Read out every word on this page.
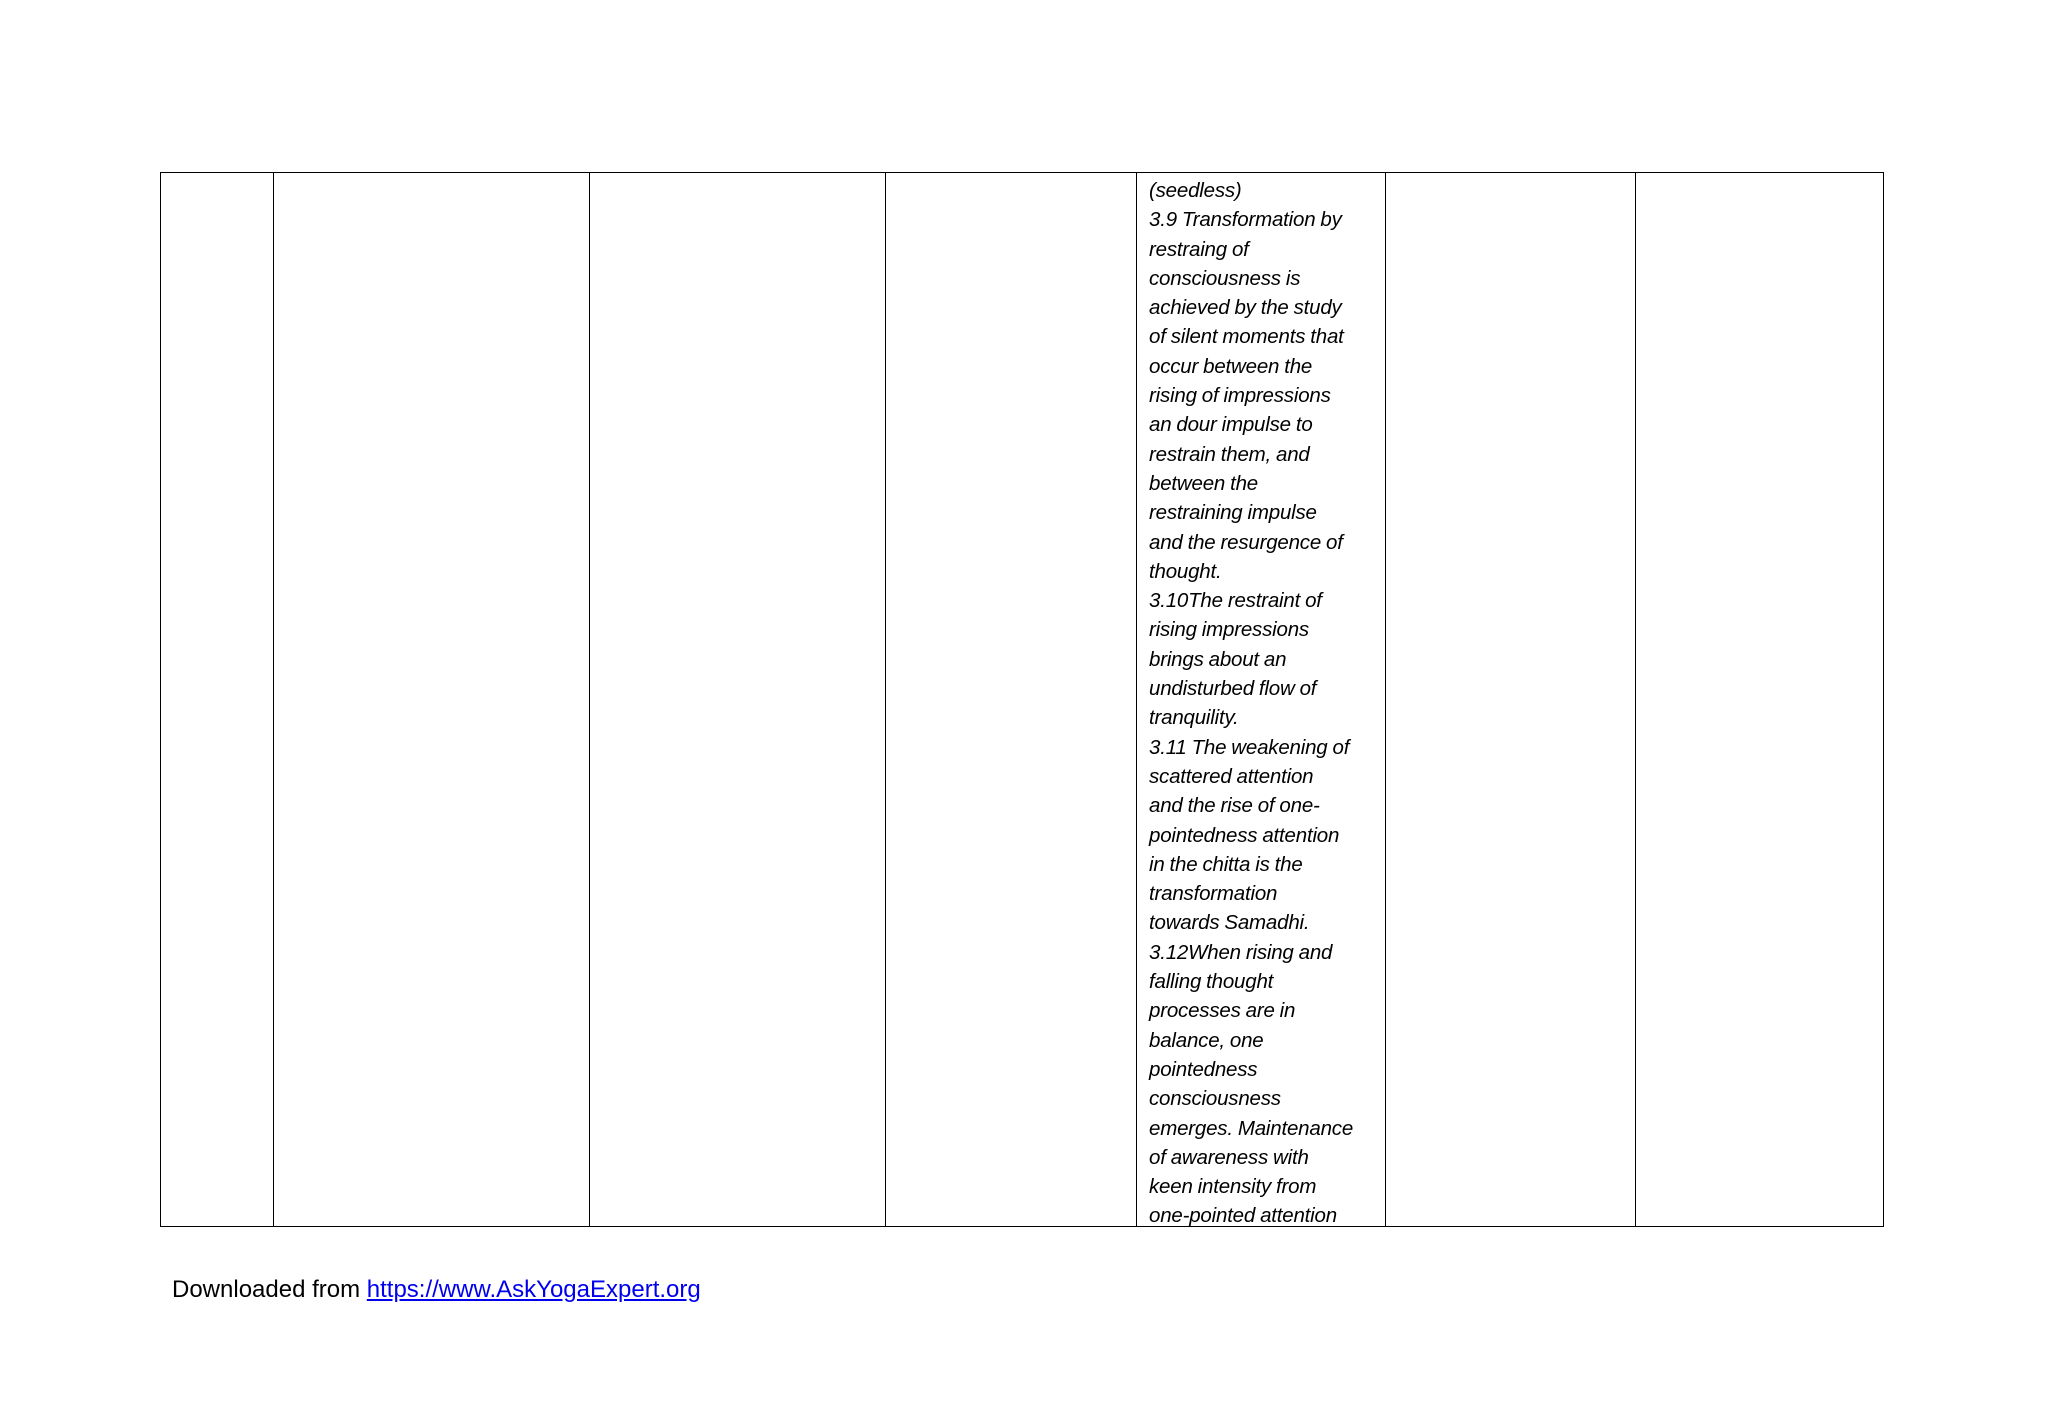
(seedless)
3.9 Transformation by
restraing of
consciousness is
achieved by the study
of silent moments that
occur between the
rising of impressions
an dour impulse to
restrain them, and
between the
restraining impulse
and the resurgence of
thought.
3.10The restraint of
rising impressions
brings about an
undisturbed flow of
tranquility.
3.11 The weakening of
scattered attention
and the rise of one-
pointedness attention
in the chitta is the
transformation
towards Samadhi.
3.12When rising and
falling thought
processes are in
balance, one
pointedness
consciousness
emerges. Maintenance
of awareness with
keen intensity from
one-pointed attention

Downloaded from https://www.AskYogaExpert.org
